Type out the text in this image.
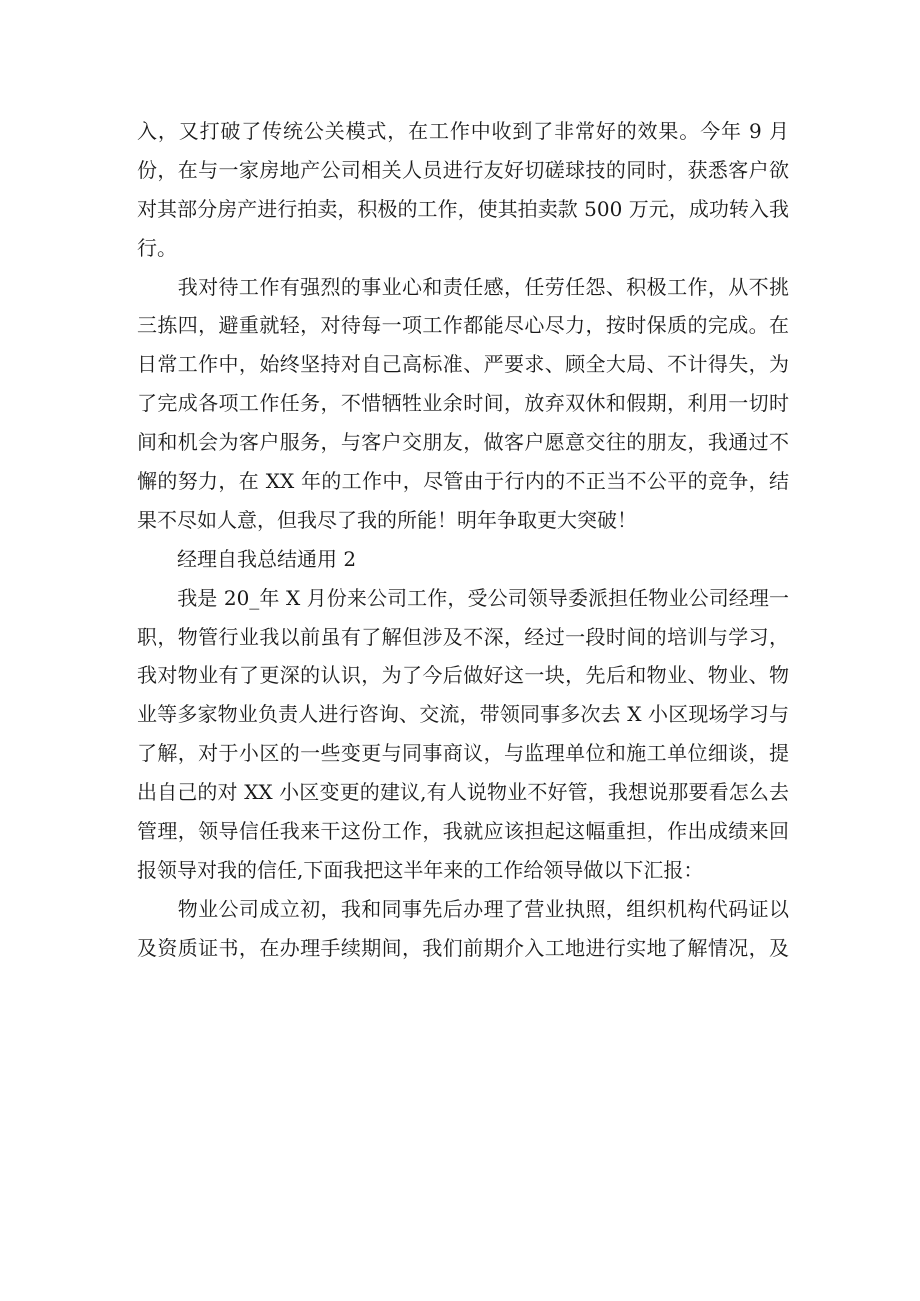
入，又打破了传统公关模式，在工作中收到了非常好的效果。今年 9 月
份，在与一家房地产公司相关人员进行友好切磋球技的同时，获悉客户欲
对其部分房产进行拍卖，积极的工作，使其拍卖款 500 万元，成功转入我
行。
　　我对待工作有强烈的事业心和责任感，任劳任怨、积极工作，从不挑
三拣四，避重就轻，对待每一项工作都能尽心尽力，按时保质的完成。在
日常工作中，始终坚持对自己高标准、严要求、顾全大局、不计得失，为
了完成各项工作任务，不惜牺牲业余时间，放弃双休和假期，利用一切时
间和机会为客户服务，与客户交朋友，做客户愿意交往的朋友，我通过不
懈的努力，在 XX 年的工作中，尽管由于行内的不正当不公平的竞争，结
果不尽如人意，但我尽了我的所能！明年争取更大突破！
　　经理自我总结通用 2
　　我是 20_年 X 月份来公司工作，受公司领导委派担任物业公司经理一
职，物管行业我以前虽有了解但涉及不深，经过一段时间的培训与学习，
我对物业有了更深的认识，为了今后做好这一块，先后和物业、物业、物
业等多家物业负责人进行咨询、交流，带领同事多次去 X 小区现场学习与
了解，对于小区的一些变更与同事商议，与监理单位和施工单位细谈，提
出自己的对 XX 小区变更的建议,有人说物业不好管，我想说那要看怎么去
管理，领导信任我来干这份工作，我就应该担起这幅重担，作出成绩来回
报领导对我的信任,下面我把这半年来的工作给领导做以下汇报：
　　物业公司成立初，我和同事先后办理了营业执照，组织机构代码证以
及资质证书，在办理手续期间，我们前期介入工地进行实地了解情况，及
